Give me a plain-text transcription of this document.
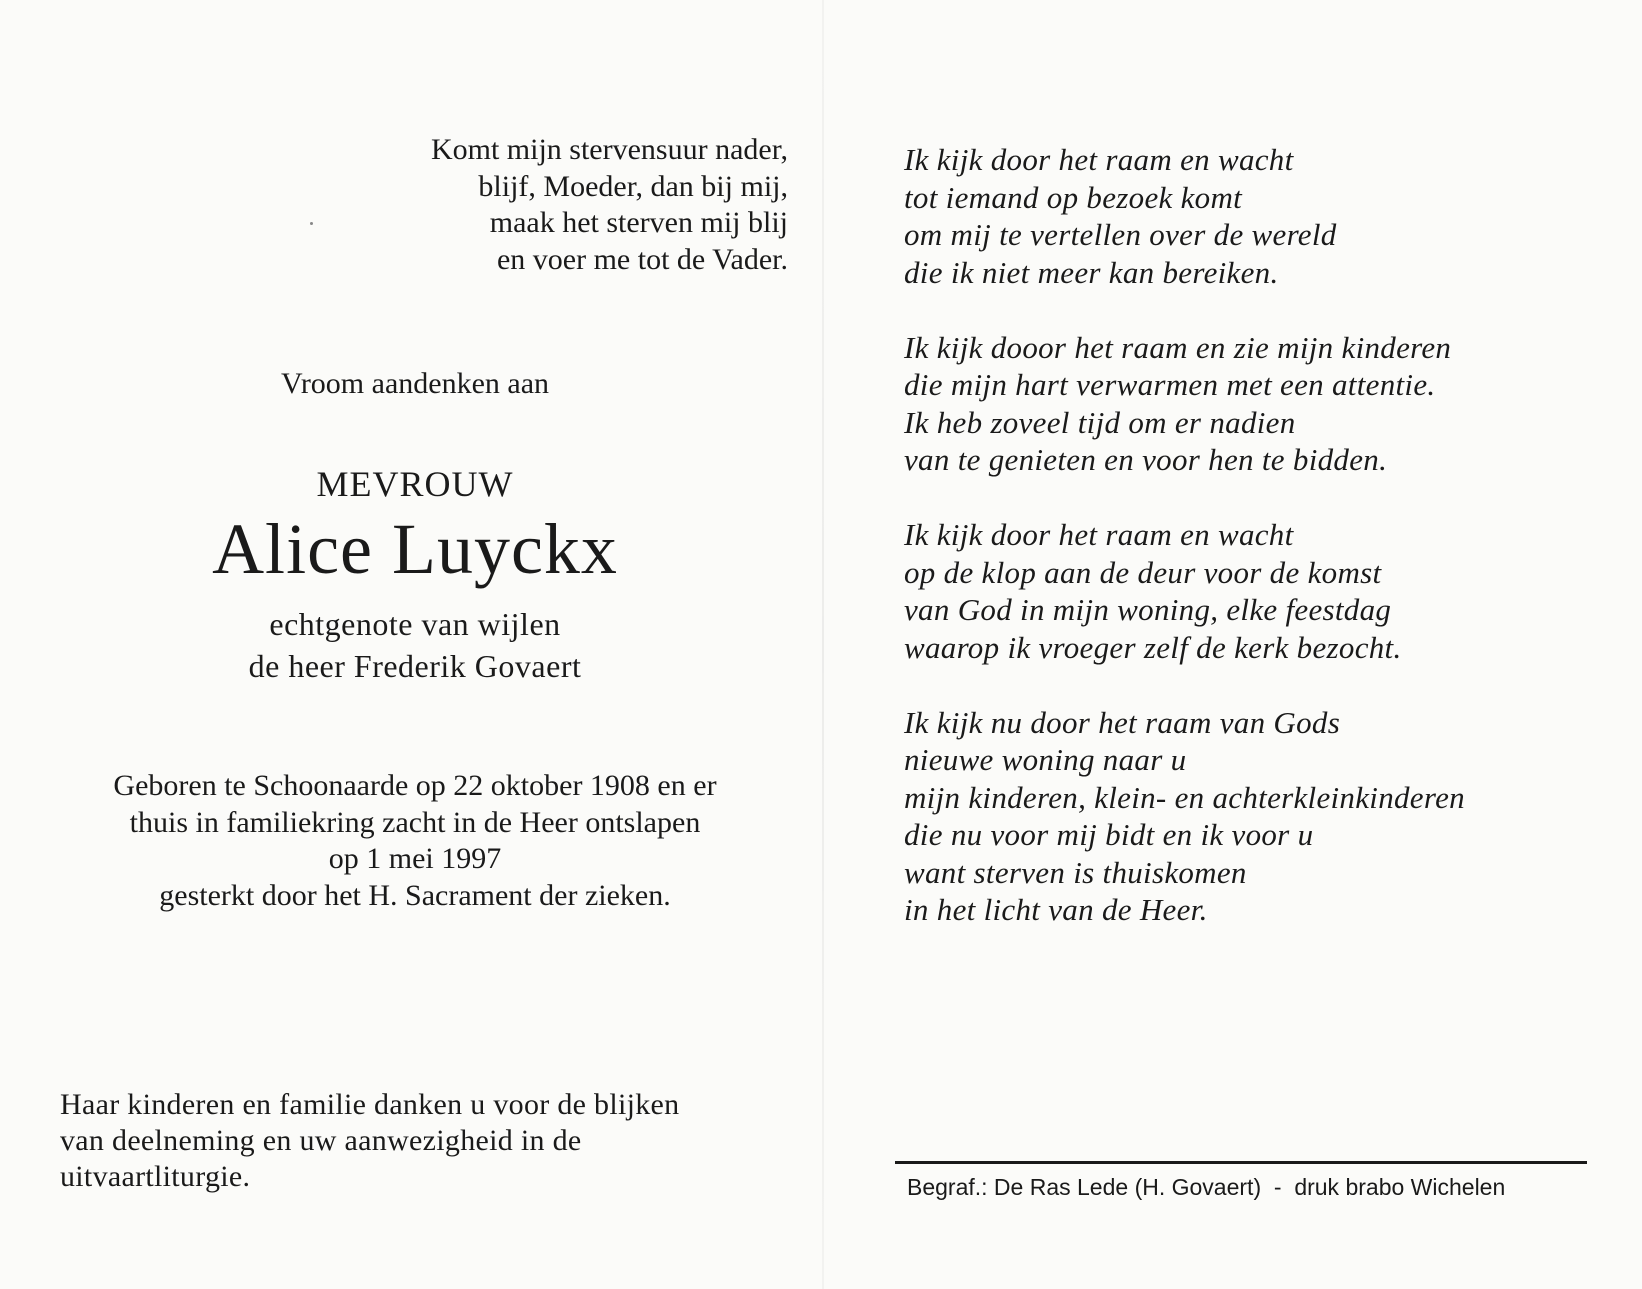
Komt mijn stervensuur nader,
blijf, Moeder, dan bij mij,
maak het sterven mij blij
en voer me tot de Vader.
Vroom aandenken aan
MEVROUW
Alice Luyckx
echtgenote van wijlen
de heer Frederik Govaert
Geboren te Schoonaarde op 22 oktober 1908 en er
thuis in familiekring zacht in de Heer ontslapen
op 1 mei 1997
gesterkt door het H. Sacrament der zieken.
Haar kinderen en familie danken u voor de blijken
van deelneming en uw aanwezigheid in de
uitvaartliturgie.
Ik kijk door het raam en wacht
tot iemand op bezoek komt
om mij te vertellen over de wereld
die ik niet meer kan bereiken.
Ik kijk dooor het raam en zie mijn kinderen
die mijn hart verwarmen met een attentie.
Ik heb zoveel tijd om er nadien
van te genieten en voor hen te bidden.
Ik kijk door het raam en wacht
op de klop aan de deur voor de komst
van God in mijn woning, elke feestdag
waarop ik vroeger zelf de kerk bezocht.
Ik kijk nu door het raam van Gods
nieuwe woning naar u
mijn kinderen, klein- en achterkleinkinderen
die nu voor mij bidt en ik voor u
want sterven is thuiskomen
in het licht van de Heer.
Begraf.: De Ras Lede (H. Govaert)  -  druk brabo Wichelen
